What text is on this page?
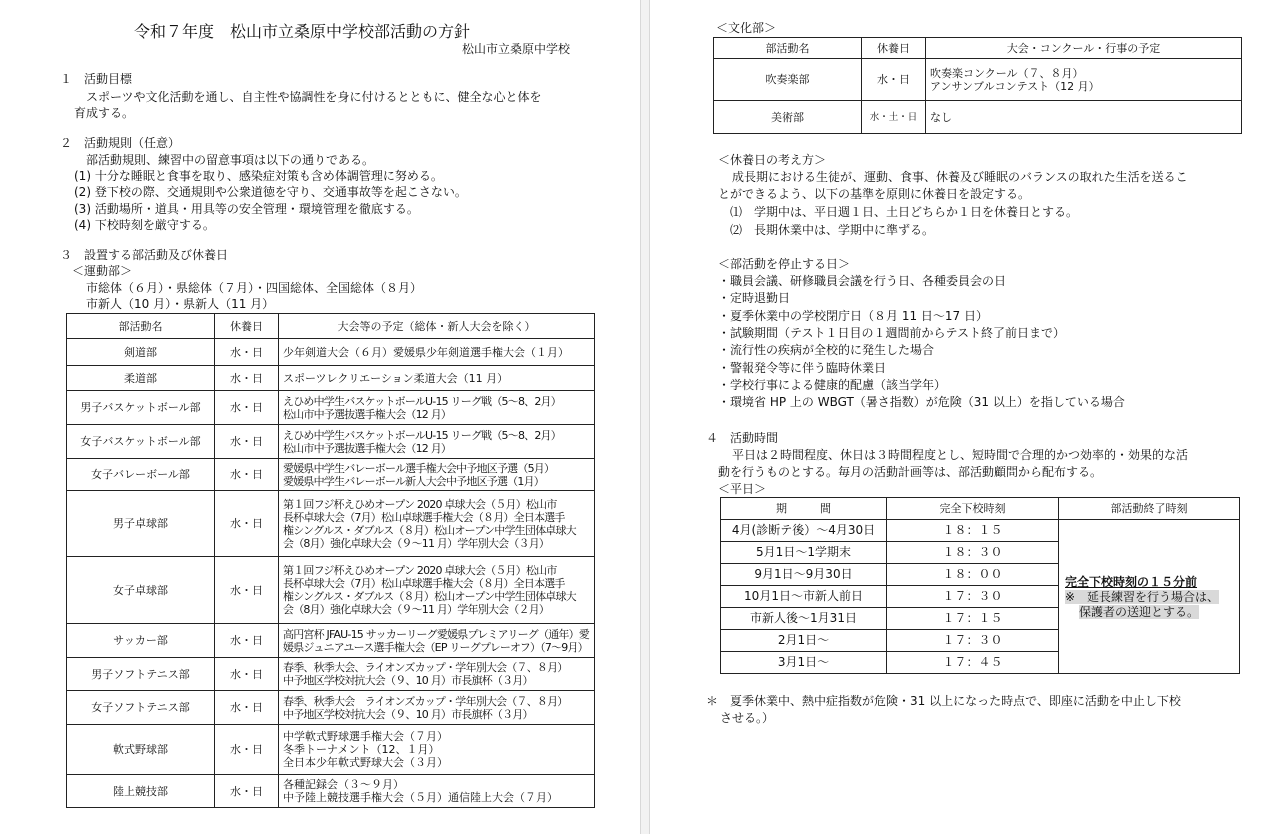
令和７年度　松山市立桑原中学校部活動の方針
松山市立桑原中学校
１　活動目標
スポーツや文化活動を通し、自主性や協調性を身に付けるとともに、健全な心と体を
育成する。
２　活動規則（任意）
部活動規則、練習中の留意事項は以下の通りである。
(1) 十分な睡眠と食事を取り、感染症対策も含め体調管理に努める。
(2) 登下校の際、交通規則や公衆道徳を守り、交通事故等を起こさない。
(3) 活動場所・道具・用具等の安全管理・環境管理を徹底する。
(4) 下校時刻を厳守する。
３　設置する部活動及び休養日
＜運動部＞
市総体（６月）・県総体（７月）・四国総体、全国総体（８月）
市新人（10 月）・県新人（11 月）
部活動名	休養日	大会等の予定（総体・新人大会を除く）
剣道部	水・日	少年剣道大会（６月）愛媛県少年剣道選手権大会（１月）

柔道部	水・日	スポーツレクリエーション柔道大会（11 月）

男子バスケットボール部	水・日	えひめ中学生バスケットボールU-15 リーグ戦（5～8、2月）
松山市中予選抜選手権大会（12 月）

女子バスケットボール部	水・日	えひめ中学生バスケットボールU-15 リーグ戦（5～8、2月）
松山市中予選抜選手権大会（12 月）

女子バレーボール部	水・日	愛媛県中学生バレーボール選手権大会中予地区予選（5月）
愛媛県中学生バレーボール新人大会中予地区予選（1月）

男子卓球部	水・日	第１回フジ杯えひめオープン 2020 卓球大会（５月）松山市
長杯卓球大会（7月）松山卓球選手権大会（８月）全日本選手
権シングルス・ダブルス（８月）松山オープン中学生団体卓球大
会（8月）強化卓球大会（９～11 月）学年別大会（３月）

女子卓球部	水・日	第１回フジ杯えひめオープン 2020 卓球大会（５月）松山市
長杯卓球大会（7月）松山卓球選手権大会（８月）全日本選手
権シングルス・ダブルス（８月）松山オープン中学生団体卓球大
会（8月）強化卓球大会（９～11 月）学年別大会（２月）

サッカー部	水・日	高円宮杯 JFAU-15 サッカーリーグ愛媛県プレミアリーグ（通年）愛
媛県ジュニアユース選手権大会（EP リーグプレーオフ）（7～9月）

男子ソフトテニス部	水・日	春季、秋季大会、ライオンズカップ・学年別大会（７、８月）
中予地区学校対抗大会（９、10 月）市長旗杯（３月）

女子ソフトテニス部	水・日	春季、秋季大会　ライオンズカップ・学年別大会（７、８月）
中予地区学校対抗大会（９、10 月）市長旗杯（３月）

軟式野球部	水・日	中学軟式野球選手権大会（７月）
冬季トーナメント（12、１月）
全日本少年軟式野球大会（３月）

陸上競技部	水・日	各種記録会（３～９月）
中予陸上競技選手権大会（５月）通信陸上大会（７月）
＜文化部＞
部活動名	休養日	大会・コンクール・行事の予定
吹奏楽部	水・日	吹奏楽コンクール（７、８月）
アンサンブルコンテスト（12 月）

美術部	水・土・日	なし
＜休養日の考え方＞
成長期における生徒が、運動、食事、休養及び睡眠のバランスの取れた生活を送るこ
とができるよう、以下の基準を原則に休養日を設定する。
⑴　学期中は、平日週１日、土日どちらか１日を休養日とする。
⑵　長期休業中は、学期中に準ずる。
＜部活動を停止する日＞
・職員会議、研修職員会議を行う日、各種委員会の日
・定時退勤日
・夏季休業中の学校閉庁日（８月 11 日～17 日）
・試験期間（テスト１日目の１週間前からテスト終了前日まで）
・流行性の疾病が全校的に発生した場合
・警報発令等に伴う臨時休業日
・学校行事による健康的配慮（該当学年）
・環境省 HP 上の WBGT（暑さ指数）が危険（31 以上）を指している場合
４　活動時間
平日は２時間程度、休日は３時間程度とし、短時間で合理的かつ効率的・効果的な活
動を行うものとする。毎月の活動計画等は、部活動顧問から配布する。
＜平日＞
期　　　間	完全下校時刻	部活動終了時刻
4月(診断テ後）～4月30日	１８：１５	完全下校時刻の１５分前
※　延長練習を行う場合は、
保護者の送迎とする。

5月1日～1学期末	１８：３０	
9月1日～9月30日	１８：００	
10月1日～市新人前日	１７：３０	
市新人後～1月31日	１７：１５	
2月1日～	１７：３０	
3月1日～	１７：４５	
＊　夏季休業中、熱中症指数が危険・31 以上になった時点で、即座に活動を中止し下校
させる。）
